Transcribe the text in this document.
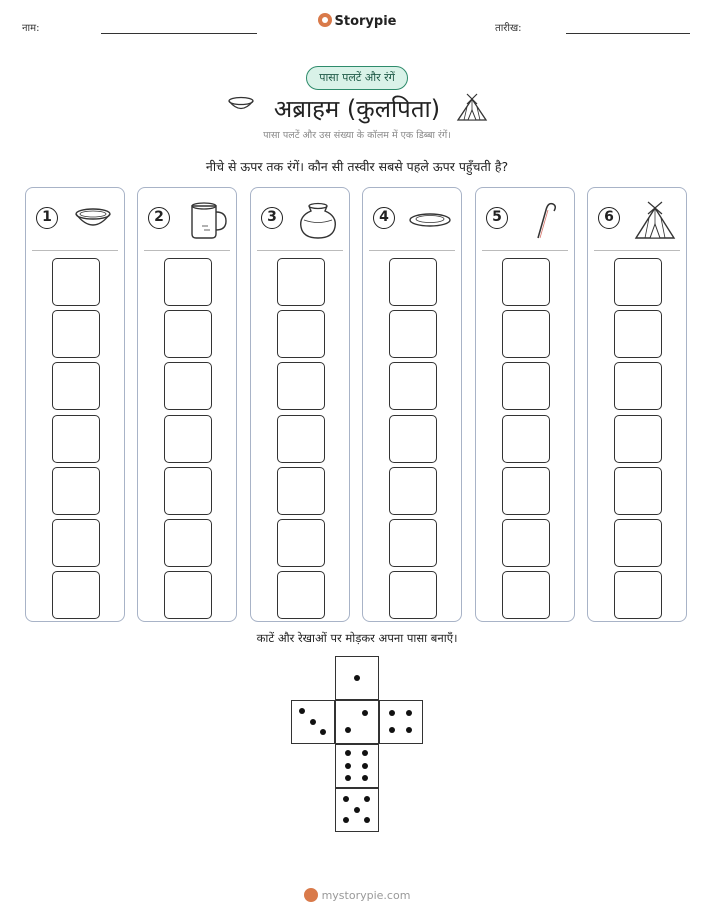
नाम:	Storypie	तारीख:
पासा पलटें और रंगें
अब्राहम (कुलपिता)
पासा पलटें और उस संख्या के कॉलम में एक डिब्बा रंगें।
नीचे से ऊपर तक रंगें। कौन सी तस्वीर सबसे पहले ऊपर पहुँचती है?
1	2	3	4	5	6
काटें और रेखाओं पर मोड़कर अपना पासा बनाएँ।
mystorypie.com
